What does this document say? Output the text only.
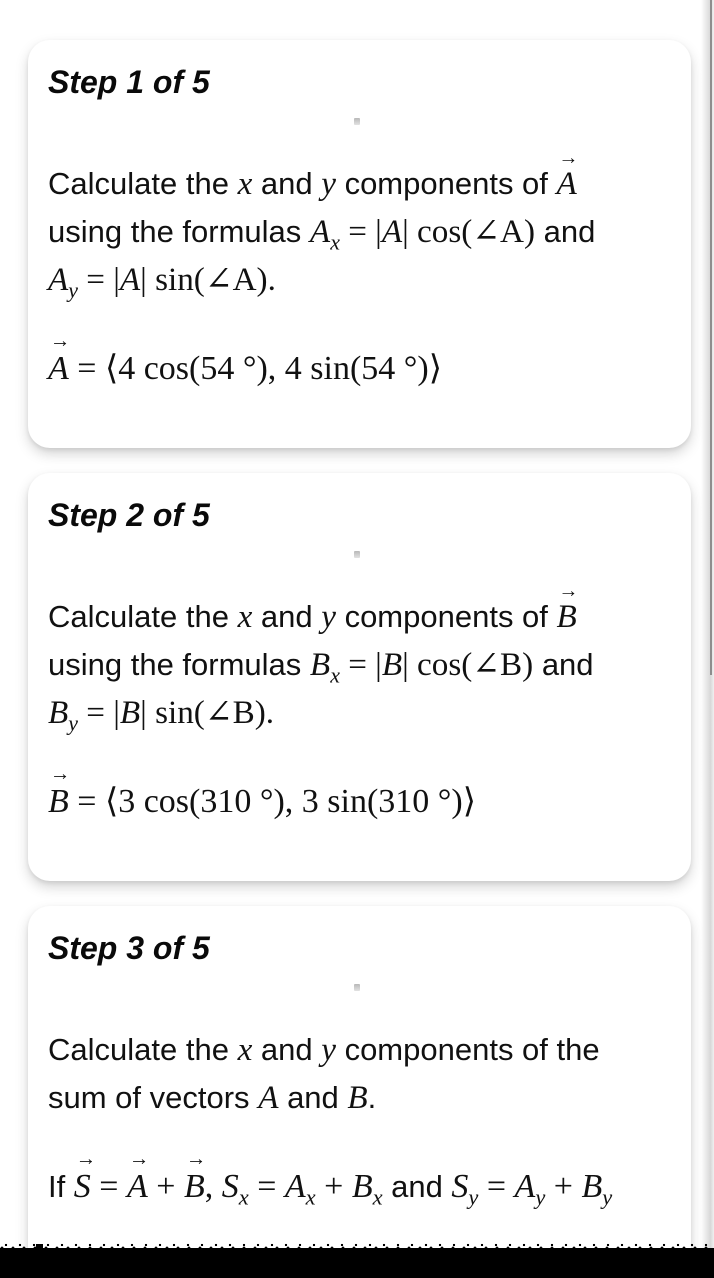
Step 1 of 5
Calculate the x and y components of
→
A
using the formulas $A_x = |A|$ cos(∠A) and
$A_y = |A|$ sin(∠A).
→
A = ⟨4 cos(54 °), 4 sin(54 °)⟩
Step 2 of 5
Calculate the x and y components of
→
B
using the formulas $B_x = |B|$ cos(∠B) and
$B_y = |B|$ sin(∠B).
→
B = ⟨3 cos(310 °), 3 sin(310 °)⟩
Step 3 of 5
Calculate the x and y components of the
sum of vectors A and B.
If
→
S =
→
A +
→
B, $S_x = A_x + B_x$ and $S_y = A_y + B_y$
